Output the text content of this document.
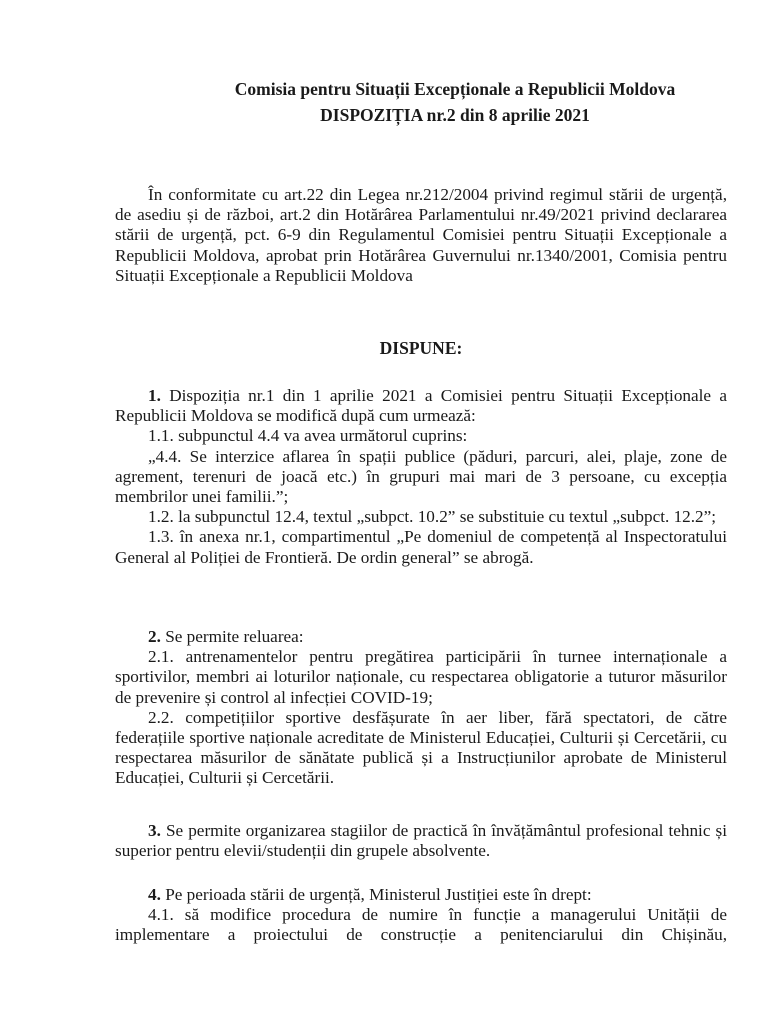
Comisia pentru Situații Excepționale a Republicii Moldova
DISPOZIȚIA nr.2 din 8 aprilie 2021
În conformitate cu art.22 din Legea nr.212/2004 privind regimul stării de urgență, de asediu și de război, art.2 din Hotărârea Parlamentului nr.49/2021 privind declararea stării de urgență, pct. 6-9 din Regulamentul Comisiei pentru Situații Excepționale a Republicii Moldova, aprobat prin Hotărârea Guvernului nr.1340/2001, Comisia pentru Situații Excepționale a Republicii Moldova
DISPUNE:
1. Dispoziția nr.1 din 1 aprilie 2021 a Comisiei pentru Situații Excepționale a Republicii Moldova se modifică după cum urmează:
1.1. subpunctul 4.4 va avea următorul cuprins:
„4.4. Se interzice aflarea în spații publice (păduri, parcuri, alei, plaje, zone de agrement, terenuri de joacă etc.) în grupuri mai mari de 3 persoane, cu excepția membrilor unei familii.”;
1.2. la subpunctul 12.4, textul „subpct. 10.2” se substituie cu textul „subpct. 12.2”;
1.3. în anexa nr.1, compartimentul „Pe domeniul de competență al Inspectoratului General al Poliției de Frontieră. De ordin general” se abrogă.
2. Se permite reluarea:
2.1. antrenamentelor pentru pregătirea participării în turnee internaționale a sportivilor, membri ai loturilor naționale, cu respectarea obligatorie a tuturor măsurilor de prevenire și control al infecției COVID-19;
2.2. competițiilor sportive desfășurate în aer liber, fără spectatori, de către federațiile sportive naționale acreditate de Ministerul Educației, Culturii și Cercetării, cu respectarea măsurilor de sănătate publică și a Instrucțiunilor aprobate de Ministerul Educației, Culturii și Cercetării.
3. Se permite organizarea stagiilor de practică în învățământul profesional tehnic și superior pentru elevii/studenții din grupele absolvente.
4. Pe perioada stării de urgență, Ministerul Justiției este în drept:
4.1. să modifice procedura de numire în funcție a managerului Unității de implementare a proiectului de construcție a penitenciarului din Chișinău,
